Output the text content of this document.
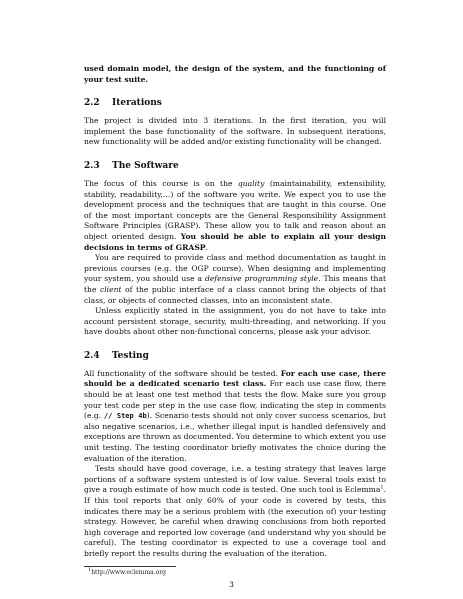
used domain model, the design of the system, and the functioning of your test suite.

2.2 Iterations

The project is divided into 3 iterations. In the first iteration, you will implement the base functionality of the software. In subsequent iterations, new functionality will be added and/or existing functionality will be changed.

2.3 The Software

The focus of this course is on the quality (maintainability, extensibility, stability, readability,…) of the software you write. We expect you to use the development process and the techniques that are taught in this course. One of the most important concepts are the General Responsibility Assignment Software Principles (GRASP). These allow you to talk and reason about an object oriented design. You should be able to explain all your design decisions in terms of GRASP.

You are required to provide class and method documentation as taught in previous courses (e.g. the OGP course). When designing and implementing your system, you should use a defensive programming style. This means that the client of the public interface of a class cannot bring the objects of that class, or objects of connected classes, into an inconsistent state.

Unless explicitly stated in the assignment, you do not have to take into account persistent storage, security, multi-threading, and networking. If you have doubts about other non-functional concerns, please ask your advisor.

2.4 Testing

All functionality of the software should be tested. For each use case, there should be a dedicated scenario test class. For each use case flow, there should be at least one test method that tests the flow. Make sure you group your test code per step in the use case flow, indicating the step in comments (e.g. // Step 4b). Scenario tests should not only cover success scenarios, but also negative scenarios, i.e., whether illegal input is handled defensively and exceptions are thrown as documented. You determine to which extent you use unit testing. The testing coordinator briefly motivates the choice during the evaluation of the iteration.

Tests should have good coverage, i.e. a testing strategy that leaves large portions of a software system untested is of low value. Several tools exist to give a rough estimate of how much code is tested. One such tool is Eclemma$^1$. If this tool reports that only 60% of your code is covered by tests, this indicates there may be a serious problem with (the execution of) your testing strategy. However, be careful when drawing conclusions from both reported high coverage and reported low coverage (and understand why you should be careful). The testing coordinator is expected to use a coverage tool and briefly report the results during the evaluation of the iteration.

$^1$http://www.eclemma.org
3
